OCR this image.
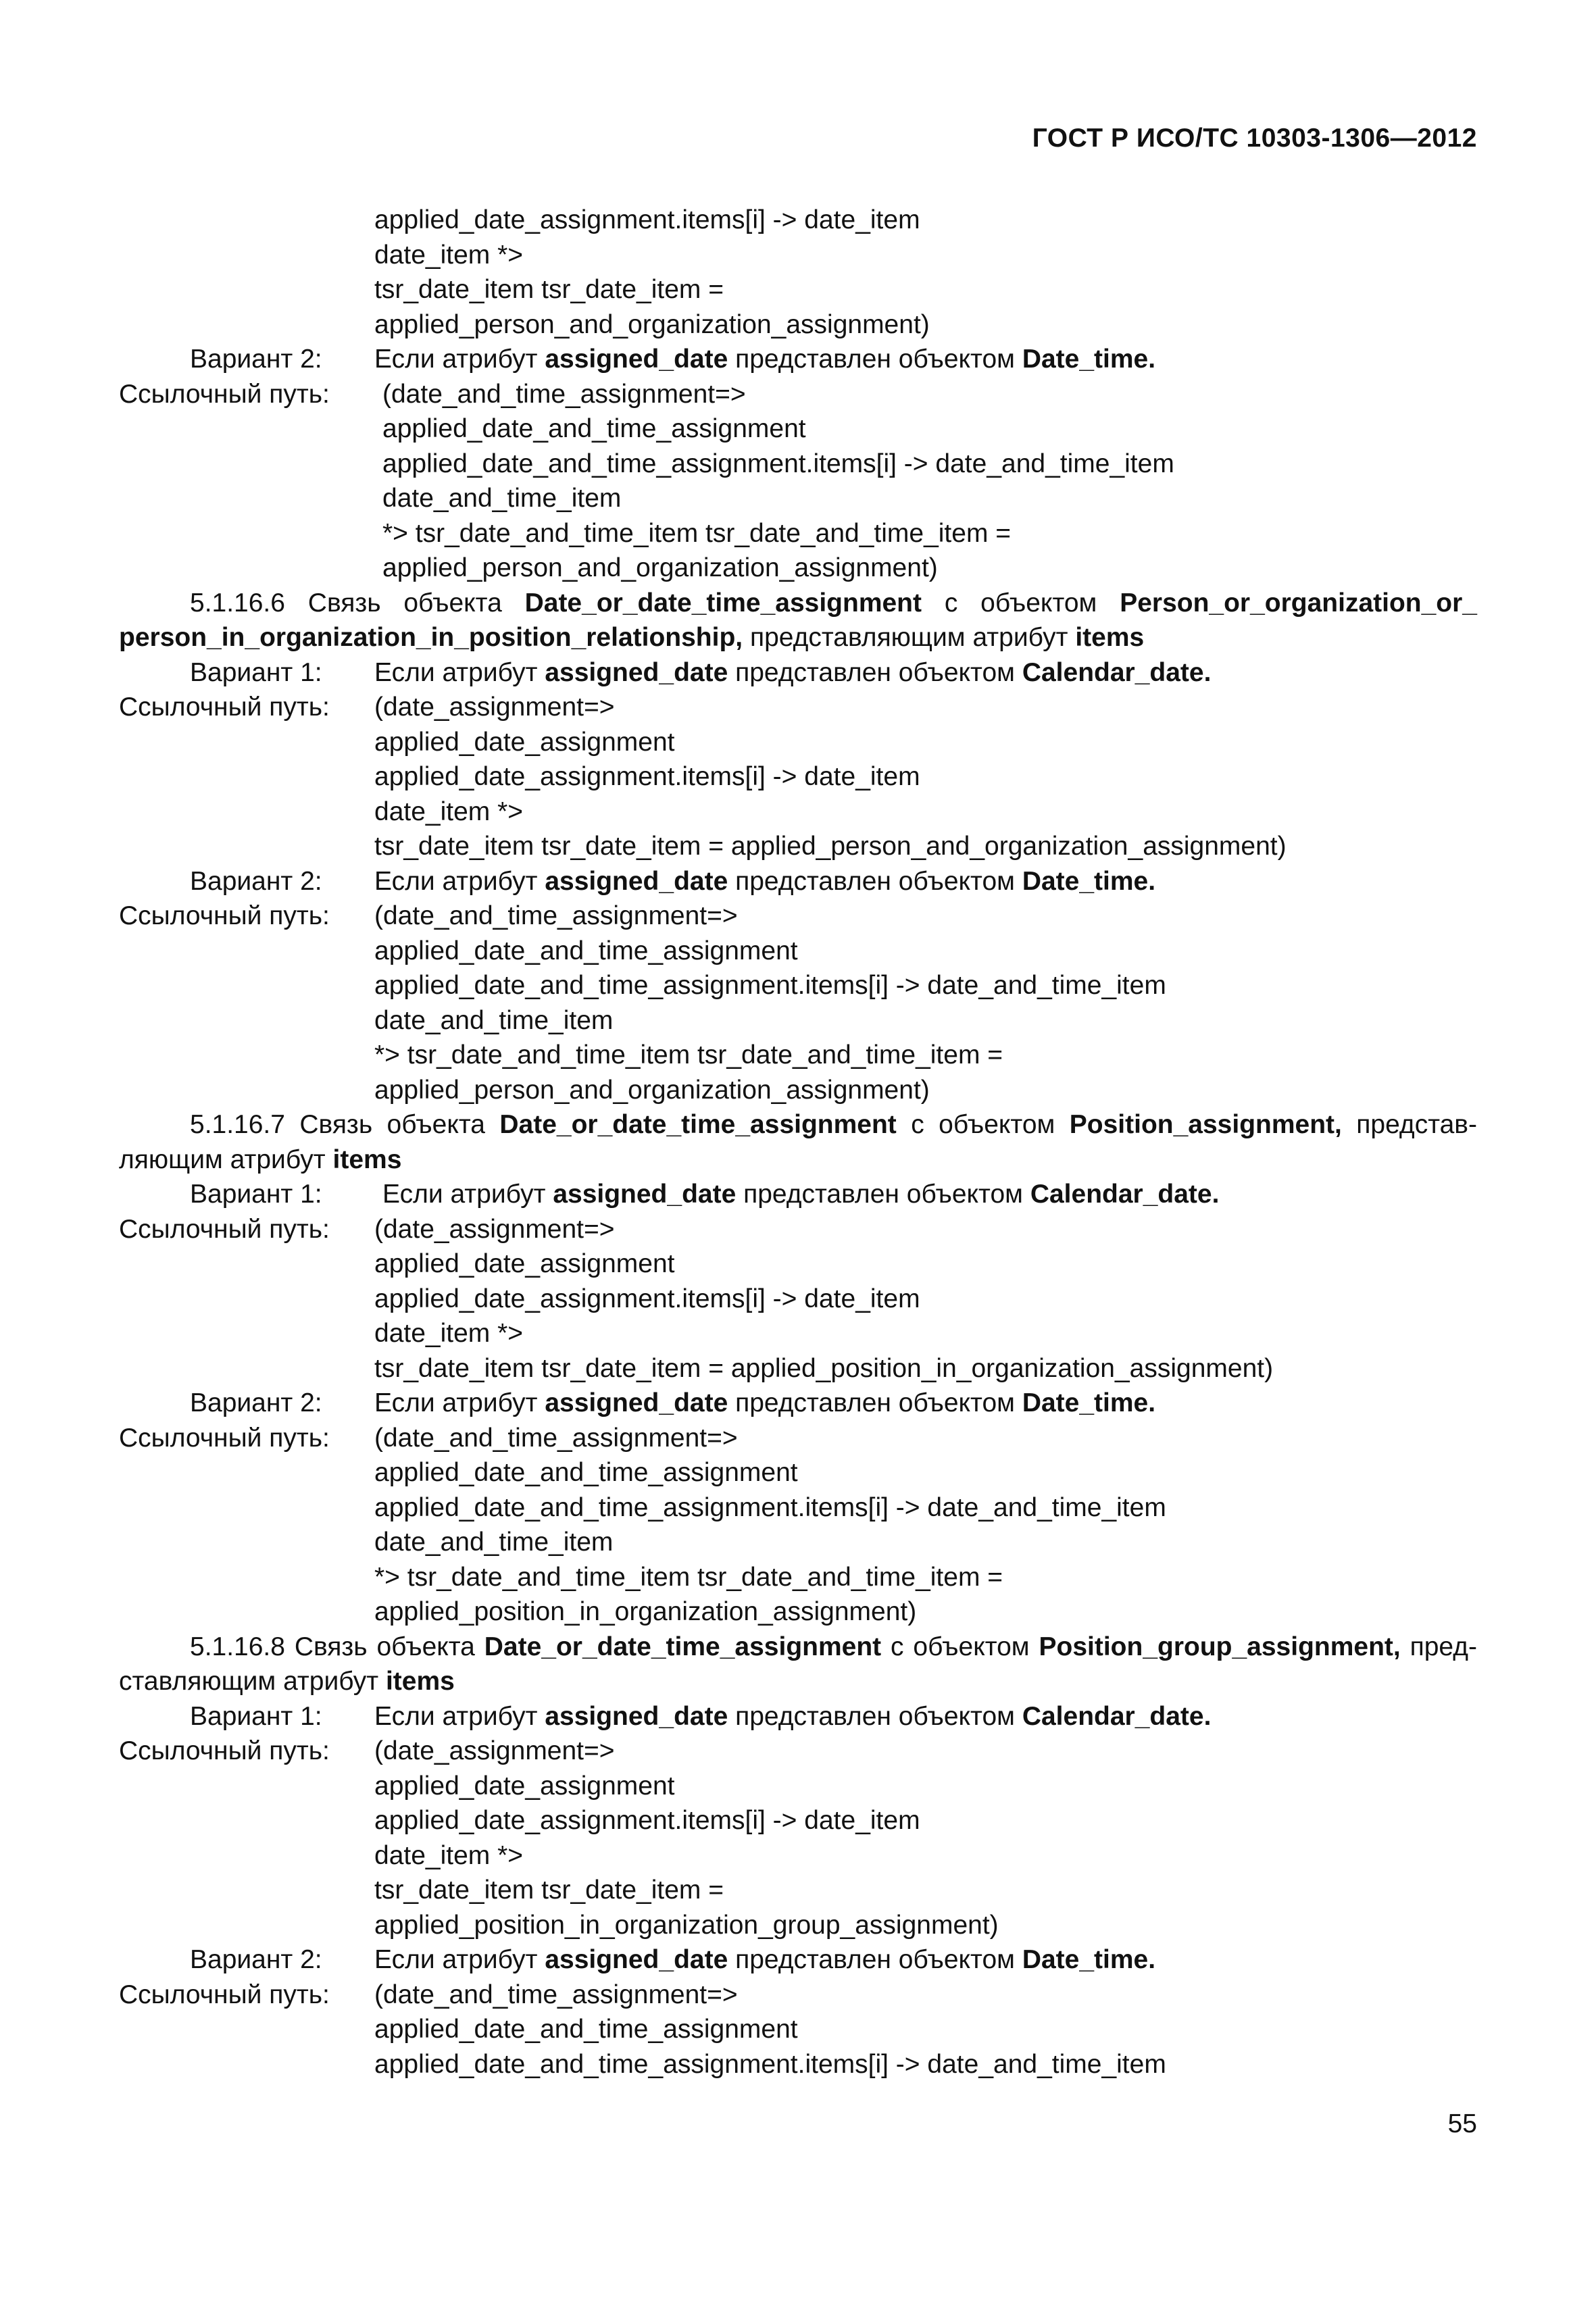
ГОСТ Р ИСО/ТС 10303-1306—2012
applied_date_assignment.items[i] -> date_item
date_item *>
tsr_date_item tsr_date_item =
applied_person_and_organization_assignment)
Вариант 2:	Если атрибут assigned_date представлен объектом Date_time.
Ссылочный путь:	(date_and_time_assignment=>
applied_date_and_time_assignment
applied_date_and_time_assignment.items[i] -> date_and_time_item
date_and_time_item
*> tsr_date_and_time_item tsr_date_and_time_item =
applied_person_and_organization_assignment)
5.1.16.6 Связь объекта Date_or_date_time_assignment с объектом Person_or_organization_or_
person_in_organization_in_position_relationship, представляющим атрибут items
Вариант 1:	Если атрибут assigned_date представлен объектом Calendar_date.
Ссылочный путь:	(date_assignment=>
applied_date_assignment
applied_date_assignment.items[i] -> date_item
date_item *>
tsr_date_item tsr_date_item = applied_person_and_organization_assignment)
Вариант 2:	Если атрибут assigned_date представлен объектом Date_time.
Ссылочный путь:	(date_and_time_assignment=>
applied_date_and_time_assignment
applied_date_and_time_assignment.items[i] -> date_and_time_item
date_and_time_item
*> tsr_date_and_time_item tsr_date_and_time_item =
applied_person_and_organization_assignment)
5.1.16.7 Связь объекта Date_or_date_time_assignment с объектом Position_assignment, представ-
ляющим атрибут items
Вариант 1:	Если атрибут assigned_date представлен объектом Calendar_date.
Ссылочный путь:	(date_assignment=>
applied_date_assignment
applied_date_assignment.items[i] -> date_item
date_item *>
tsr_date_item tsr_date_item = applied_position_in_organization_assignment)
Вариант 2:	Если атрибут assigned_date представлен объектом Date_time.
Ссылочный путь:	(date_and_time_assignment=>
applied_date_and_time_assignment
applied_date_and_time_assignment.items[i] -> date_and_time_item
date_and_time_item
*> tsr_date_and_time_item tsr_date_and_time_item =
applied_position_in_organization_assignment)
5.1.16.8 Связь объекта Date_or_date_time_assignment с объектом Position_group_assignment, пред-
ставляющим атрибут items
Вариант 1:	Если атрибут assigned_date представлен объектом Calendar_date.
Ссылочный путь:	(date_assignment=>
applied_date_assignment
applied_date_assignment.items[i] -> date_item
date_item *>
tsr_date_item tsr_date_item =
applied_position_in_organization_group_assignment)
Вариант 2:	Если атрибут assigned_date представлен объектом Date_time.
Ссылочный путь:	(date_and_time_assignment=>
applied_date_and_time_assignment
applied_date_and_time_assignment.items[i] -> date_and_time_item
55
